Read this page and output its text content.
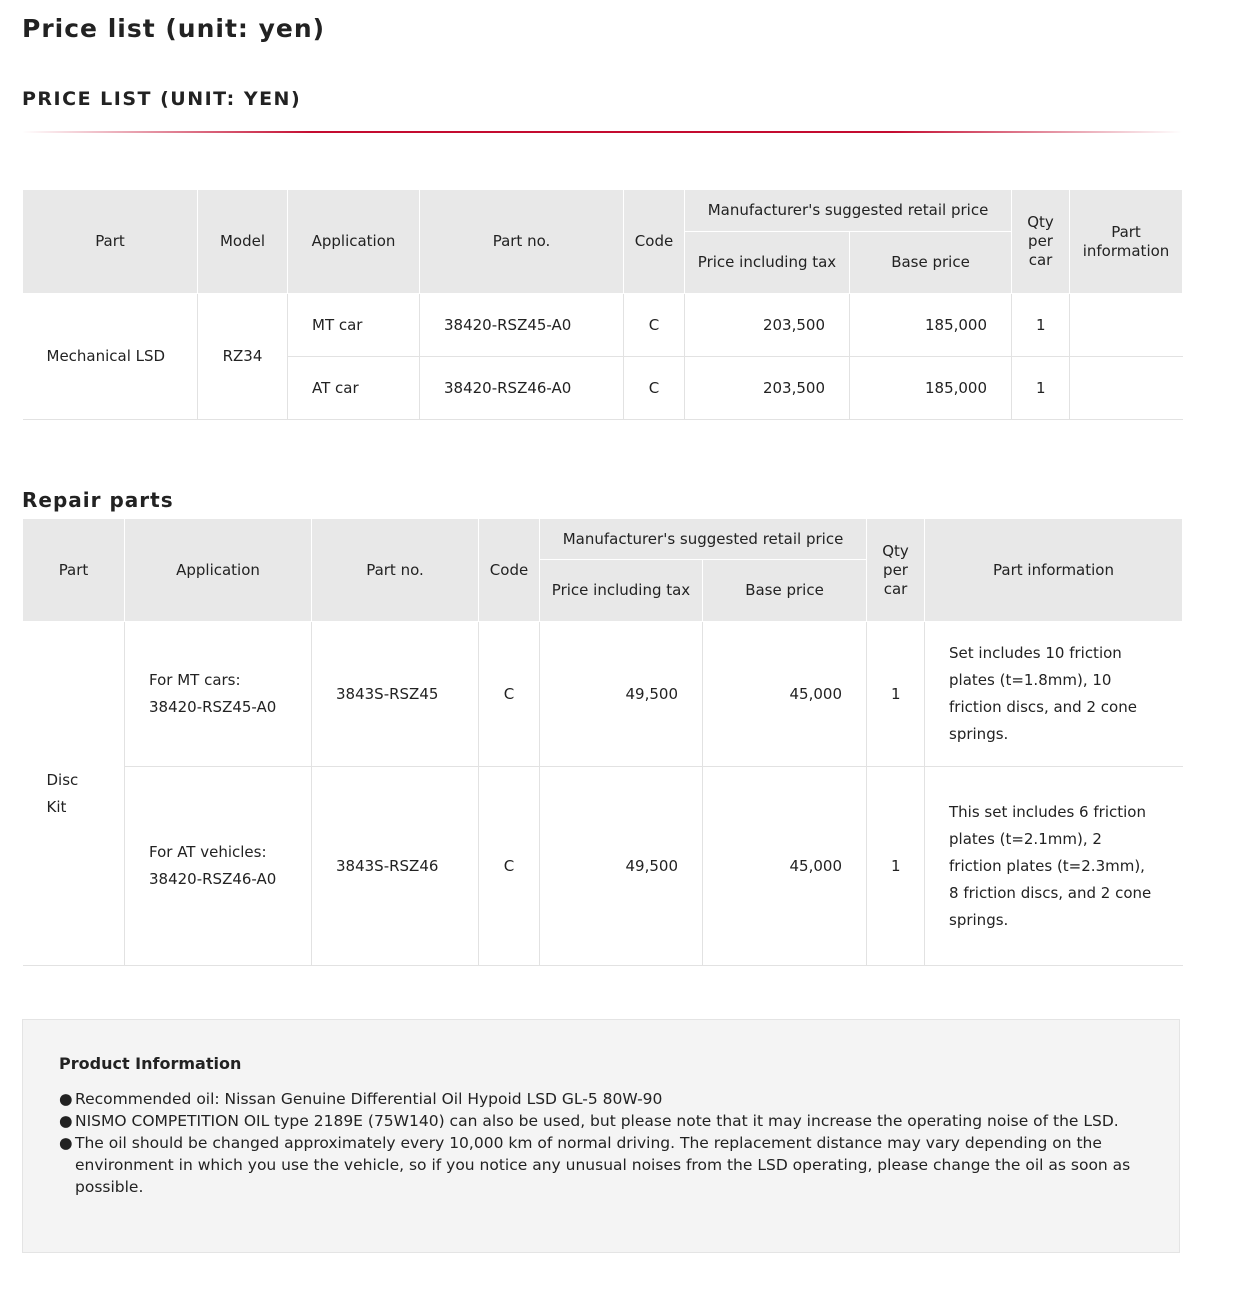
Price list (unit: yen)
PRICE LIST (UNIT: YEN)
Part	Model	Application	Part no.	Code	Manufacturer's suggested retail price		Qty per car	Part information
					Price including tax	Base price		
Mechanical LSD	RZ34	MT car	38420-RSZ45-A0	C	203,500	185,000	1	
		AT car	38420-RSZ46-A0	C	203,500	185,000	1	
Repair parts
Part	Application	Part no.	Code	Manufacturer's suggested retail price		Qty per car	Part information
				Price including tax	Base price		
Disc Kit	For MT cars: 38420-RSZ45-A0	3843S-RSZ45	C	49,500	45,000	1	Set includes 10 friction plates (t=1.8mm), 10 friction discs, and 2 cone springs.
	For AT vehicles: 38420-RSZ46-A0	3843S-RSZ46	C	49,500	45,000	1	This set includes 6 friction plates (t=2.1mm), 2 friction plates (t=2.3mm), 8 friction discs, and 2 cone springs.
Product Information
● Recommended oil: Nissan Genuine Differential Oil Hypoid LSD GL-5 80W-90
● NISMO COMPETITION OIL type 2189E (75W140) can also be used, but please note that it may increase the operating noise of the LSD.
● The oil should be changed approximately every 10,000 km of normal driving. The replacement distance may vary depending on the environment in which you use the vehicle, so if you notice any unusual noises from the LSD operating, please change the oil as soon as possible.
